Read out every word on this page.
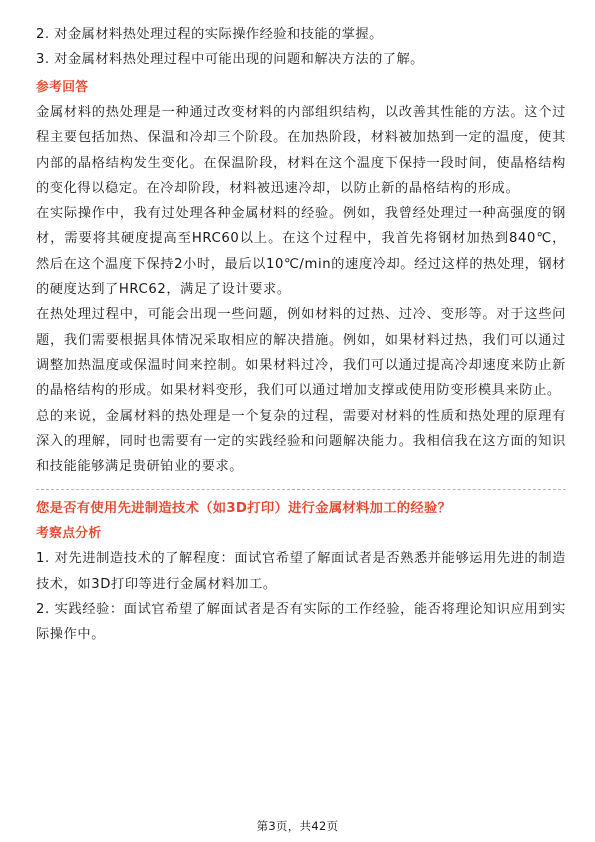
2. 对金属材料热处理过程的实际操作经验和技能的掌握。

3. 对金属材料热处理过程中可能出现的问题和解决方法的了解。

参考回答

金属材料的热处理是一种通过改变材料的内部组织结构，以改善其性能的方法。这个过程主要包括加热、保温和冷却三个阶段。在加热阶段，材料被加热到一定的温度，使其内部的晶格结构发生变化。在保温阶段，材料在这个温度下保持一段时间，使晶格结构的变化得以稳定。在冷却阶段，材料被迅速冷却，以防止新的晶格结构的形成。

在实际操作中，我有过处理各种金属材料的经验。例如，我曾经处理过一种高强度的钢材，需要将其硬度提高至HRC60以上。在这个过程中，我首先将钢材加热到840℃，然后在这个温度下保持2小时，最后以10℃/min的速度冷却。经过这样的热处理，钢材的硬度达到了HRC62，满足了设计要求。

在热处理过程中，可能会出现一些问题，例如材料的过热、过冷、变形等。对于这些问题，我们需要根据具体情况采取相应的解决措施。例如，如果材料过热，我们可以通过调整加热温度或保温时间来控制。如果材料过冷，我们可以通过提高冷却速度来防止新的晶格结构的形成。如果材料变形，我们可以通过增加支撑或使用防变形模具来防止。

总的来说，金属材料的热处理是一个复杂的过程，需要对材料的性质和热处理的原理有深入的理解，同时也需要有一定的实践经验和问题解决能力。我相信我在这方面的知识和技能能够满足贵研铂业的要求。

您是否有使用先进制造技术（如3D打印）进行金属材料加工的经验？

考察点分析

1. 对先进制造技术的了解程度：面试官希望了解面试者是否熟悉并能够运用先进的制造技术，如3D打印等进行金属材料加工。

2. 实践经验：面试官希望了解面试者是否有实际的工作经验，能否将理论知识应用到实际操作中。

第3页，共42页
